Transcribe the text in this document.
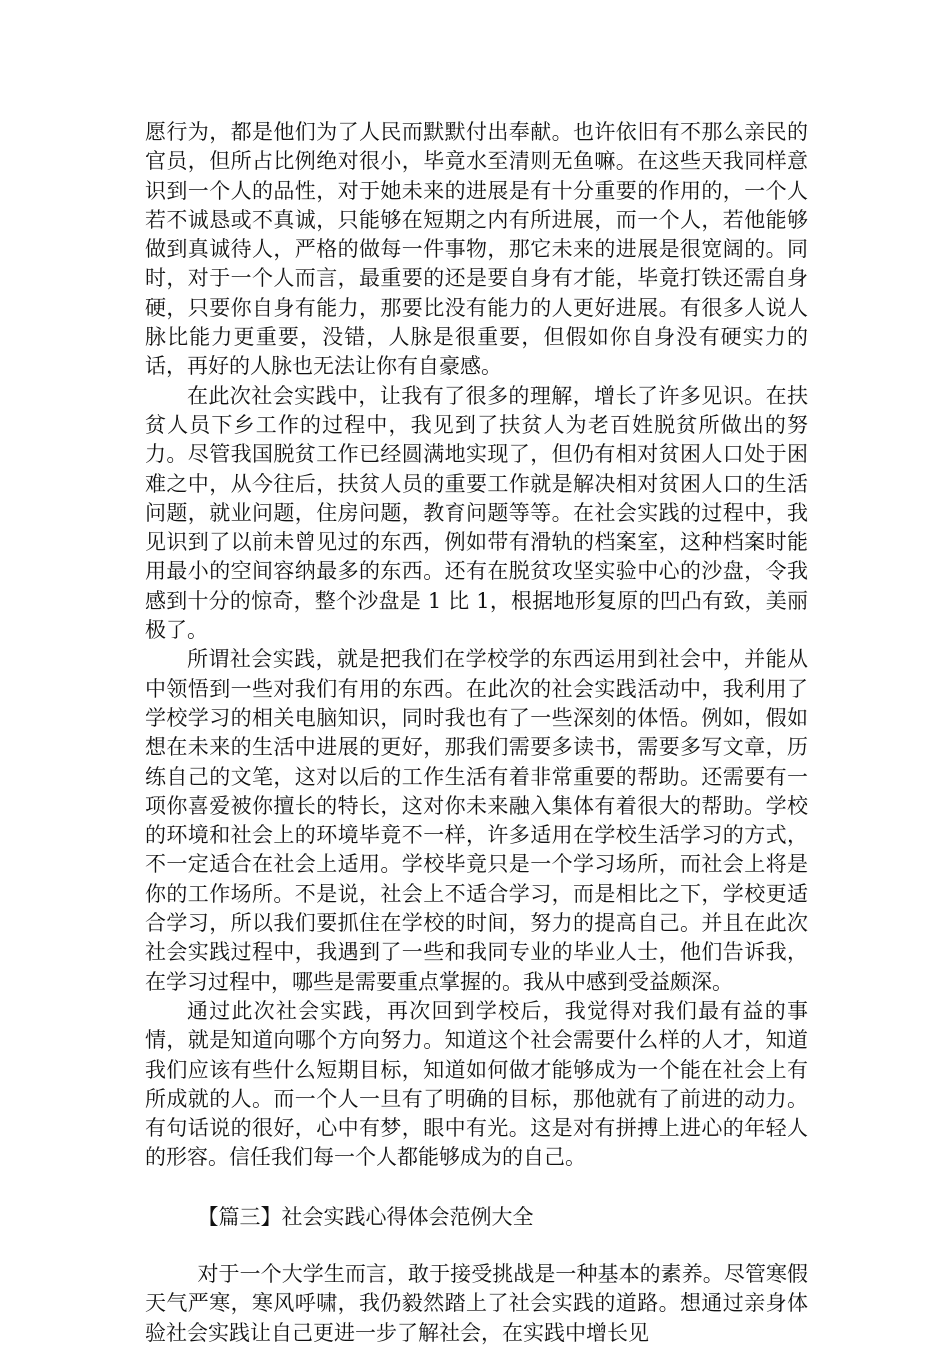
愿行为，都是他们为了人民而默默付出奉献。也许依旧有不那么亲民的官员，但所占比例绝对很小，毕竟水至清则无鱼嘛。在这些天我同样意识到一个人的品性，对于她未来的进展是有十分重要的作用的，一个人若不诚恳或不真诚，只能够在短期之内有所进展，而一个人，若他能够做到真诚待人，严格的做每一件事物，那它未来的进展是很宽阔的。同时，对于一个人而言，最重要的还是要自身有才能，毕竟打铁还需自身硬，只要你自身有能力，那要比没有能力的人更好进展。有很多人说人脉比能力更重要，没错，人脉是很重要，但假如你自身没有硬实力的话，再好的人脉也无法让你有自豪感。

在此次社会实践中，让我有了很多的理解，增长了许多见识。在扶贫人员下乡工作的过程中，我见到了扶贫人为老百姓脱贫所做出的努力。尽管我国脱贫工作已经圆满地实现了，但仍有相对贫困人口处于困难之中，从今往后，扶贫人员的重要工作就是解决相对贫困人口的生活问题，就业问题，住房问题，教育问题等等。在社会实践的过程中，我见识到了以前未曾见过的东西，例如带有滑轨的档案室，这种档案时能用最小的空间容纳最多的东西。还有在脱贫攻坚实验中心的沙盘，令我感到十分的惊奇，整个沙盘是 1 比 1，根据地形复原的凹凸有致，美丽极了。

所谓社会实践，就是把我们在学校学的东西运用到社会中，并能从中领悟到一些对我们有用的东西。在此次的社会实践活动中，我利用了学校学习的相关电脑知识，同时我也有了一些深刻的体悟。例如，假如想在未来的生活中进展的更好，那我们需要多读书，需要多写文章，历练自己的文笔，这对以后的工作生活有着非常重要的帮助。还需要有一项你喜爱被你擅长的特长，这对你未来融入集体有着很大的帮助。学校的环境和社会上的环境毕竟不一样，许多适用在学校生活学习的方式，不一定适合在社会上适用。学校毕竟只是一个学习场所，而社会上将是你的工作场所。不是说，社会上不适合学习，而是相比之下，学校更适合学习，所以我们要抓住在学校的时间，努力的提高自己。并且在此次社会实践过程中，我遇到了一些和我同专业的毕业人士，他们告诉我，在学习过程中，哪些是需要重点掌握的。我从中感到受益颇深。

通过此次社会实践，再次回到学校后，我觉得对我们最有益的事情，就是知道向哪个方向努力。知道这个社会需要什么样的人才，知道我们应该有些什么短期目标，知道如何做才能够成为一个能在社会上有所成就的人。而一个人一旦有了明确的目标，那他就有了前进的动力。有句话说的很好，心中有梦，眼中有光。这是对有拼搏上进心的年轻人的形容。信任我们每一个人都能够成为的自己。

【篇三】社会实践心得体会范例大全

对于一个大学生而言，敢于接受挑战是一种基本的素养。尽管寒假天气严寒，寒风呼啸，我仍毅然踏上了社会实践的道路。想通过亲身体验社会实践让自己更进一步了解社会，在实践中增长见
